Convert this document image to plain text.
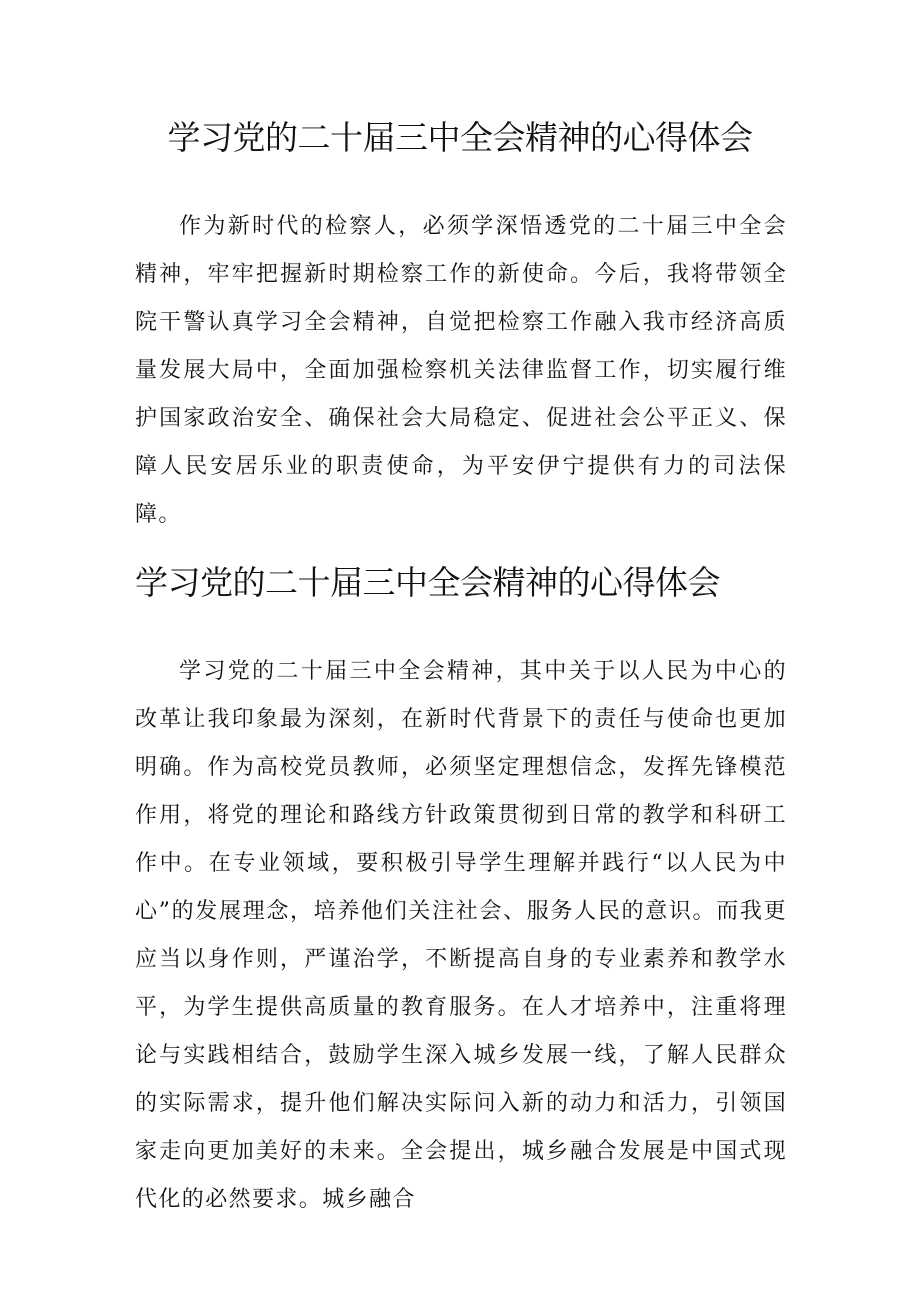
学习党的二十届三中全会精神的心得体会

作为新时代的检察人，必须学深悟透党的二十届三中全会精神，牢牢把握新时期检察工作的新使命。今后，我将带领全院干警认真学习全会精神，自觉把检察工作融入我市经济高质量发展大局中，全面加强检察机关法律监督工作，切实履行维护国家政治安全、确保社会大局稳定、促进社会公平正义、保障人民安居乐业的职责使命，为平安伊宁提供有力的司法保障。

学习党的二十届三中全会精神的心得体会

学习党的二十届三中全会精神，其中关于以人民为中心的改革让我印象最为深刻，在新时代背景下的责任与使命也更加明确。作为高校党员教师，必须坚定理想信念，发挥先锋模范作用，将党的理论和路线方针政策贯彻到日常的教学和科研工作中。在专业领域，要积极引导学生理解并践行“以人民为中心”的发展理念，培养他们关注社会、服务人民的意识。而我更应当以身作则，严谨治学，不断提高自身的专业素养和教学水平，为学生提供高质量的教育服务。在人才培养中，注重将理论与实践相结合，鼓励学生深入城乡发展一线，了解人民群众的实际需求，提升他们解决实际问入新的动力和活力，引领国家走向更加美好的未来。全会提出，城乡融合发展是中国式现代化的必然要求。城乡融合
